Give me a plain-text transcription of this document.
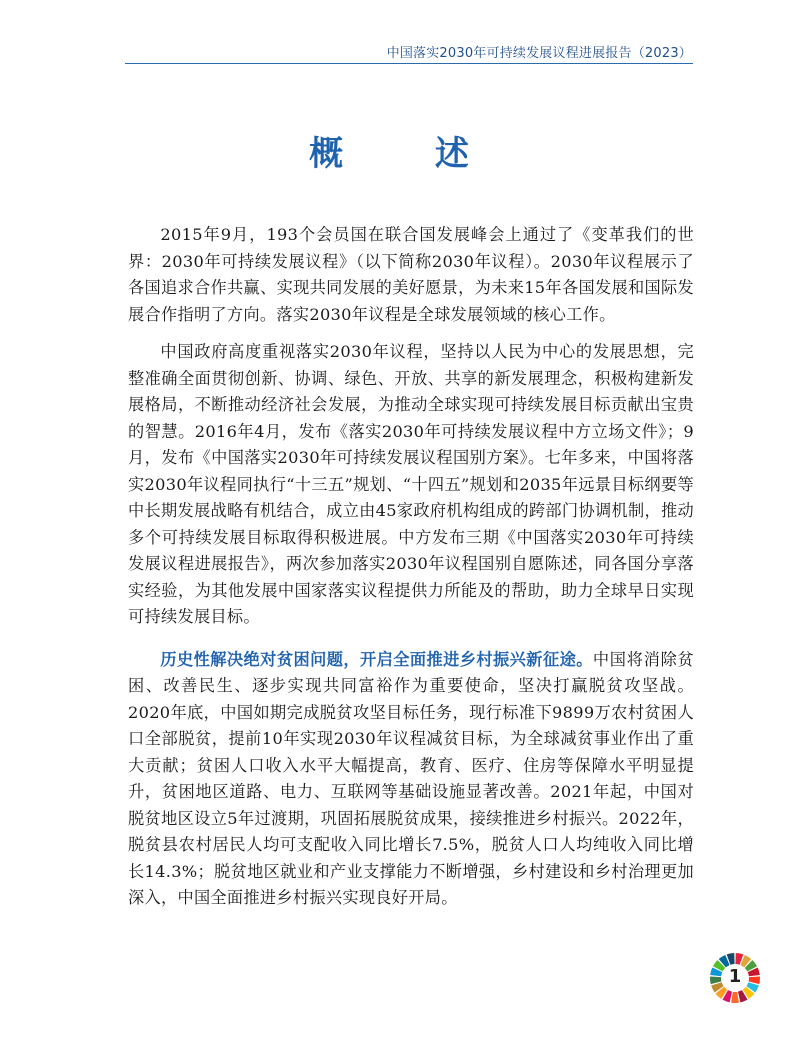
中国落实2030年可持续发展议程进展报告（2023）
概 述

2015年9月，193个会员国在联合国发展峰会上通过了《变革我们的世界：2030年可持续发展议程》（以下简称2030年议程）。2030年议程展示了各国追求合作共赢、实现共同发展的美好愿景，为未来15年各国发展和国际发展合作指明了方向。落实2030年议程是全球发展领域的核心工作。

中国政府高度重视落实2030年议程，坚持以人民为中心的发展思想，完整准确全面贯彻创新、协调、绿色、开放、共享的新发展理念，积极构建新发展格局，不断推动经济社会发展，为推动全球实现可持续发展目标贡献出宝贵的智慧。2016年4月，发布《落实2030年可持续发展议程中方立场文件》；9月，发布《中国落实2030年可持续发展议程国别方案》。七年多来，中国将落实2030年议程同执行“十三五”规划、“十四五”规划和2035年远景目标纲要等中长期发展战略有机结合，成立由45家政府机构组成的跨部门协调机制，推动多个可持续发展目标取得积极进展。中方发布三期《中国落实2030年可持续发展议程进展报告》，两次参加落实2030年议程国别自愿陈述，同各国分享落实经验，为其他发展中国家落实议程提供力所能及的帮助，助力全球早日实现可持续发展目标。

历史性解决绝对贫困问题，开启全面推进乡村振兴新征途。中国将消除贫困、改善民生、逐步实现共同富裕作为重要使命，坚决打赢脱贫攻坚战。2020年底，中国如期完成脱贫攻坚目标任务，现行标准下9899万农村贫困人口全部脱贫，提前10年实现2030年议程减贫目标，为全球减贫事业作出了重大贡献；贫困人口收入水平大幅提高，教育、医疗、住房等保障水平明显提升，贫困地区道路、电力、互联网等基础设施显著改善。2021年起，中国对脱贫地区设立5年过渡期，巩固拓展脱贫成果，接续推进乡村振兴。2022年，脱贫县农村居民人均可支配收入同比增长7.5%，脱贫人口人均纯收入同比增长14.3%；脱贫地区就业和产业支撑能力不断增强，乡村建设和乡村治理更加深入，中国全面推进乡村振兴实现良好开局。

1
